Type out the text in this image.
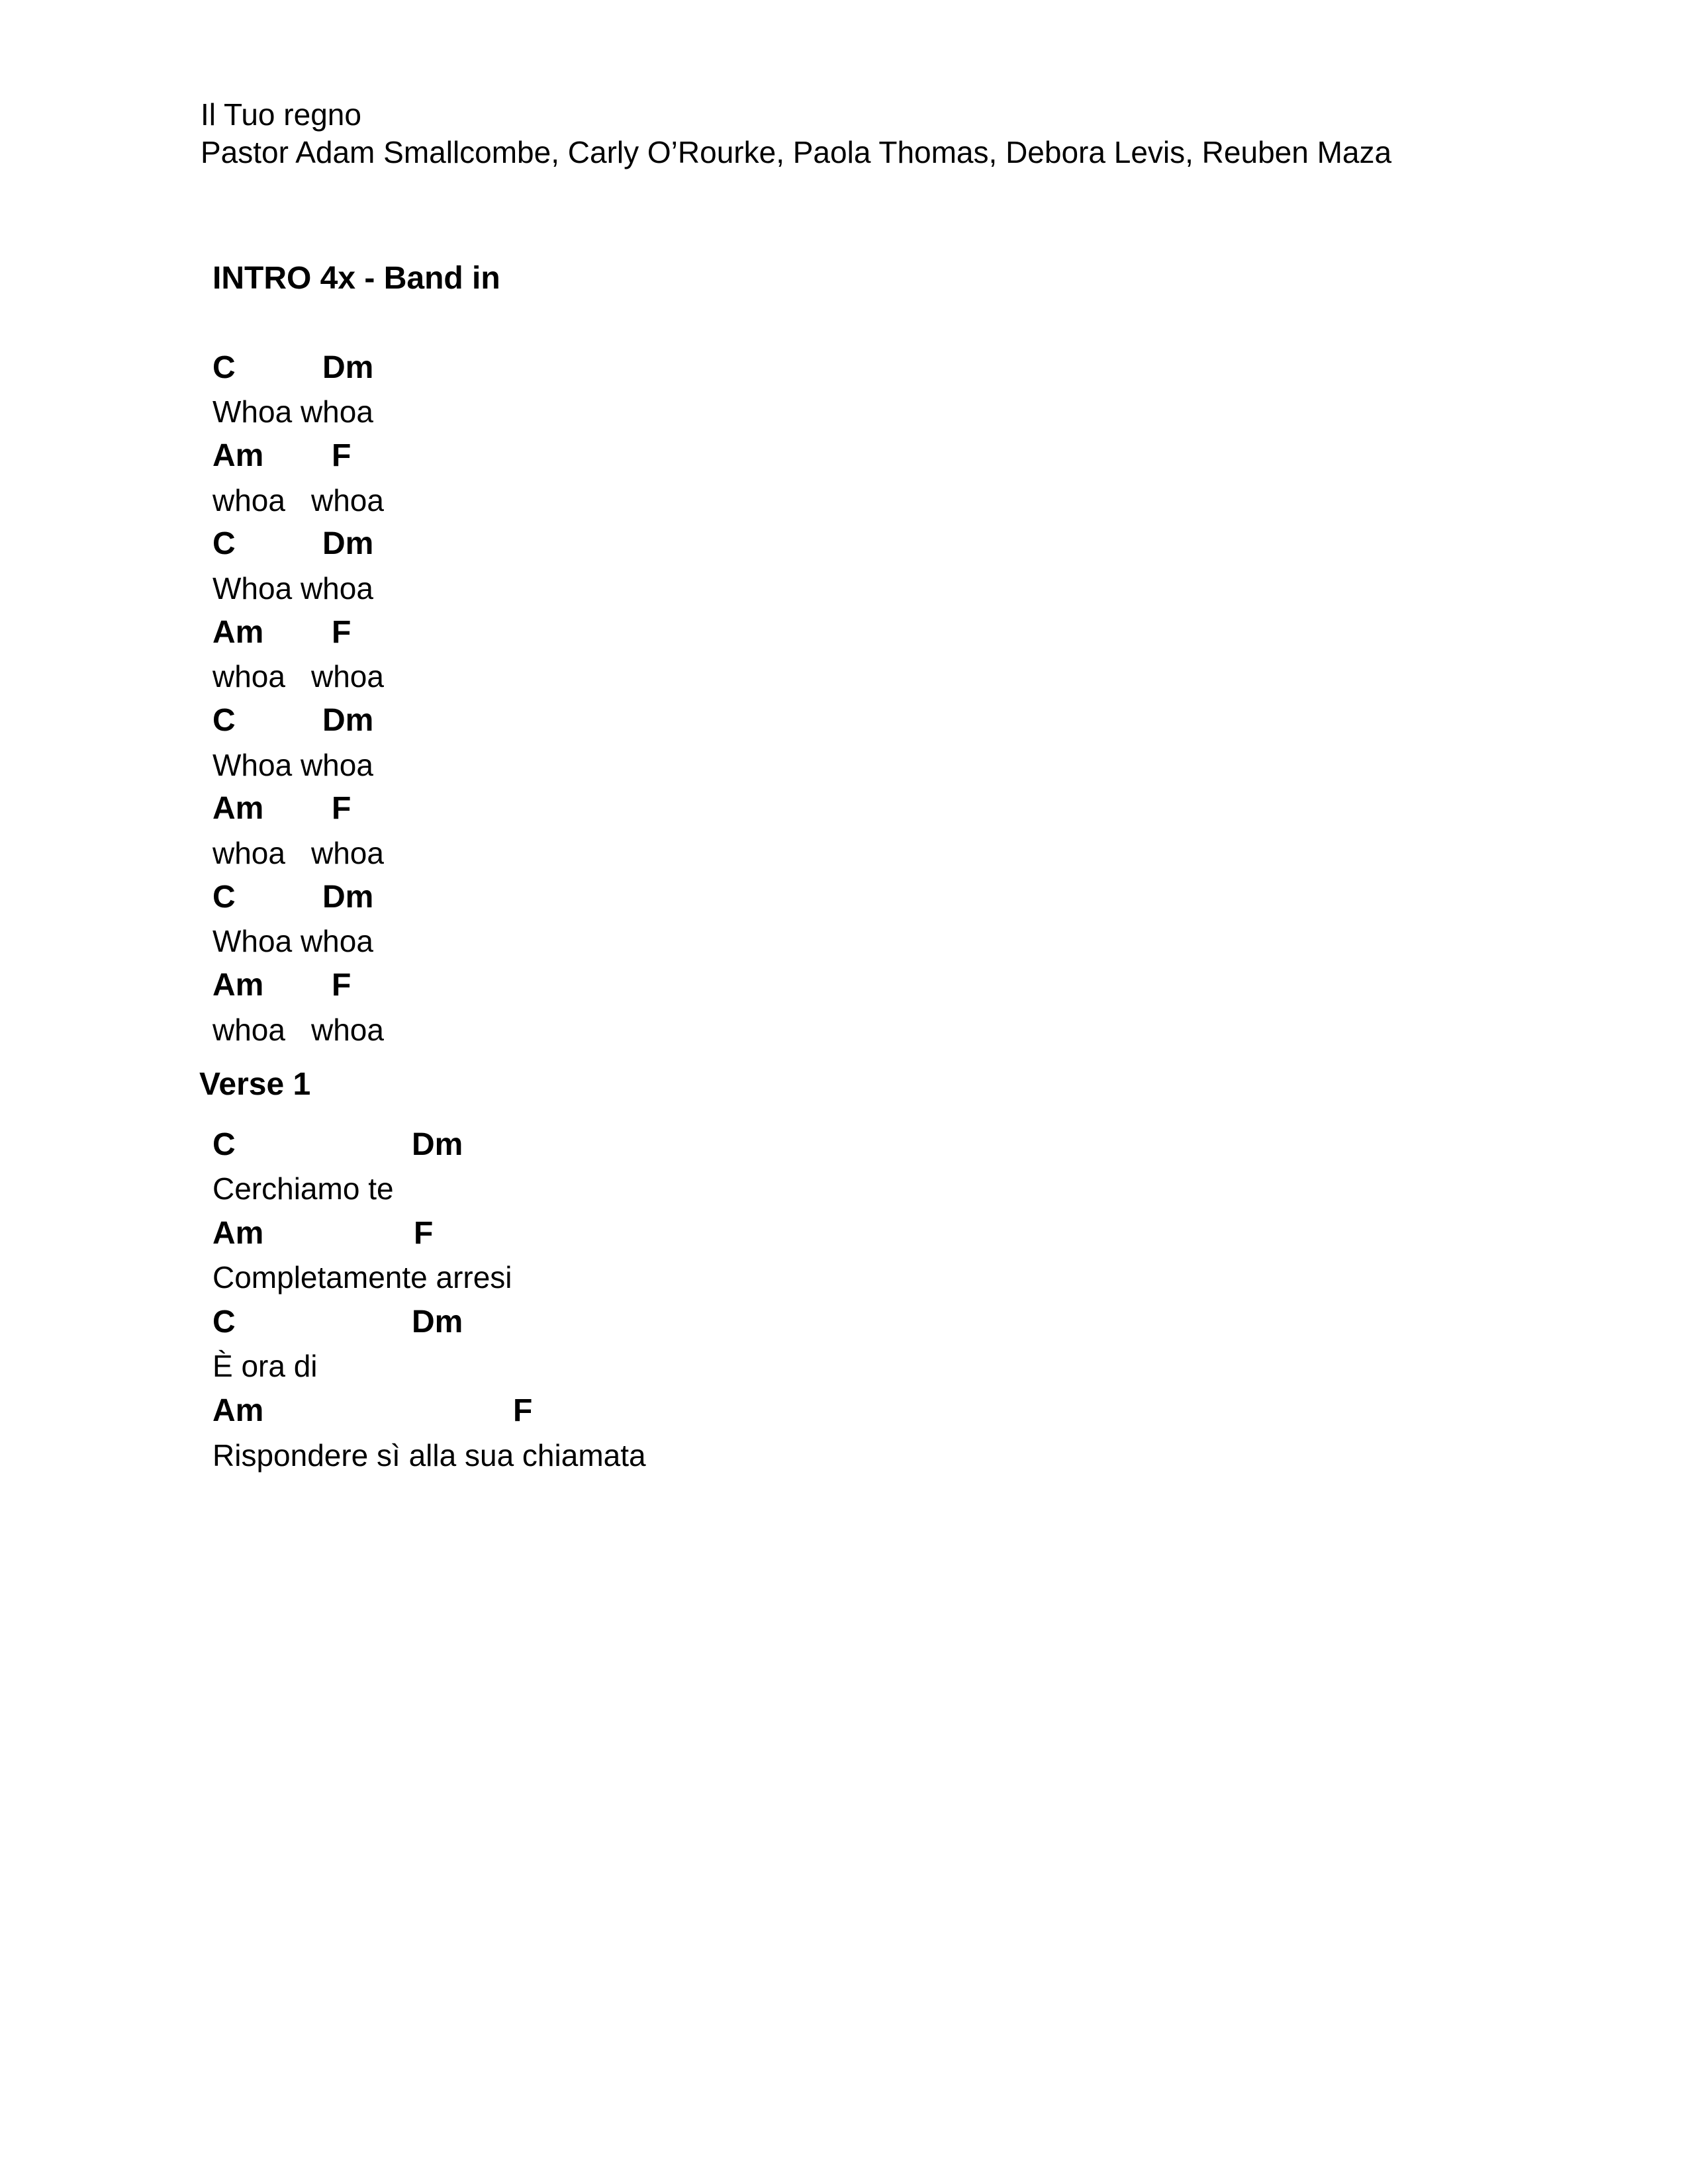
Il Tuo regno
Pastor Adam Smallcombe, Carly O’Rourke, Paola Thomas, Debora Levis, Reuben Maza
INTRO 4x - Band in

C

	Dm

Whoa whoa

Am

F

whoa

whoa

C

	Dm

Whoa whoa

Am

F

whoa

whoa

C

	Dm

Whoa whoa

Am

F

whoa

whoa

C

	Dm

Whoa whoa

Am

F

whoa

whoa

Verse 1

C

	Dm

Cerchiamo te

Am

	F

Completamente arresi

C

	Dm

È ora di

Am

	F

Rispondere sì alla sua chiamata
